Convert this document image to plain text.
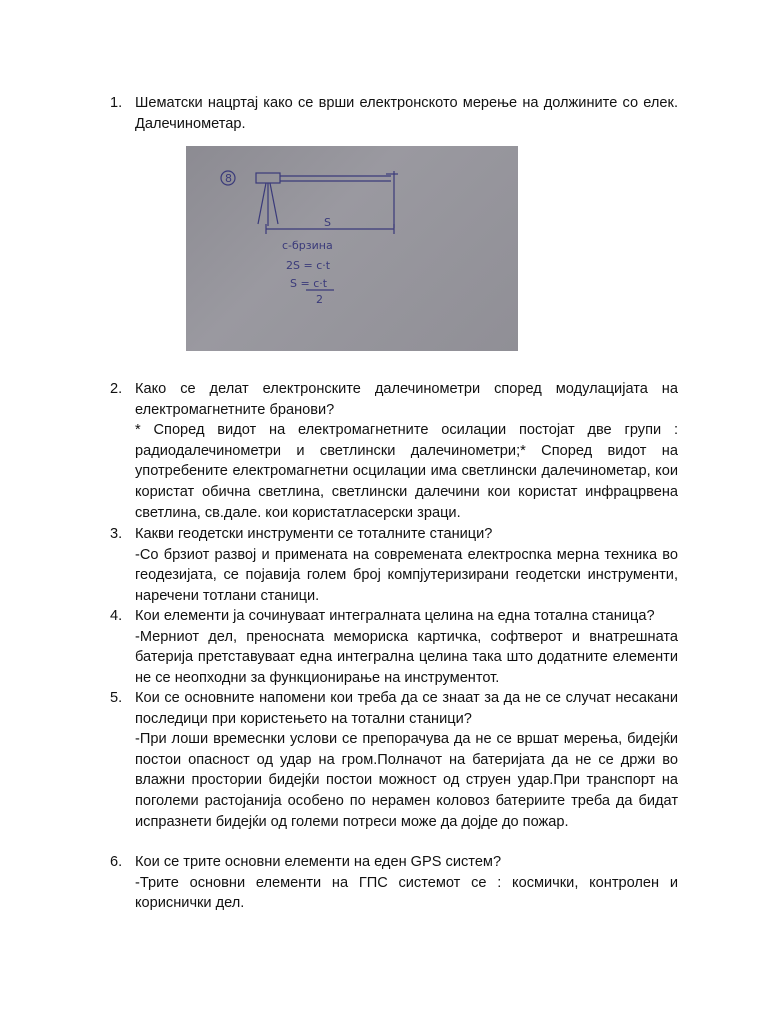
1. Шематски нацртај како се врши електронското мерење на должините со елек. Далечинометар.
8
S
c-брзина
2S = c·t
S = c·t
2
2. Како се делат електронските далечинометри според модулацијата на електромагнетните бранови?
* Според видот на електромагнетните осилации постојат две групи : радиодалечинометри и светлински далечинометри;* Според видот на употребените електромагнетни осцилации има светлински далечинометар, кои користат обична светлина, светлински далечини кои користат инфрацрвена светлина, св.дале. кои користатласерски зраци.
3. Какви геодетски инструменти се тоталните станици?
-Со брзиот развој и примената на современата електросnка мерна техника во геодезијата, се појавија голем број компјутеризирани геодетски инструменти, наречени тотлани станици.
4. Кои елементи ја сочинуваат интегралната целина на една тотална станица?
-Мерниот дел, преносната мемориска картичка, софтверот и внатрешната батерија претставуваат една интегрална целина така што додатните елементи не се неопходни за функционирање на инструментот.
5. Кои се основните напомени кои треба да се знаат за да не се случат несакани последици при користењето на тотални станици?
-При лоши времеснки услови се препорачува да не се вршат мерења, бидејќи постои опасност од удар на гром.Полначот на батеријата да не се држи во влажни простории бидејќи постои можност од струен удар.При транспорт на поголеми растојанија особено по нерамен коловоз батериите треба да бидат испразнети бидејќи од големи потреси може да дојде до пожар.
6. Кои се трите основни елементи на еден GPS систем?
-Трите основни елементи на ГПС системот се : космички, контролен и кориснички дел.
